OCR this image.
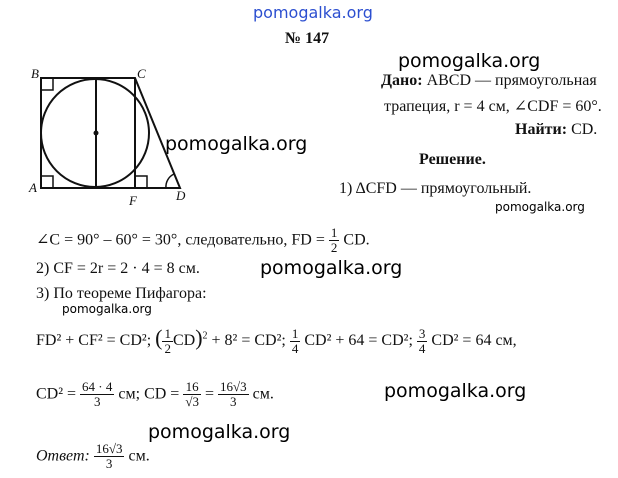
pomogalka.org
pomogalka.org
pomogalka.org
pomogalka.org
pomogalka.org
pomogalka.org
pomogalka.org
pomogalka.org
№ 147
B	C
A
F	D
Дано: ABCD — прямоугольная
трапеция, r = 4 см, ∠CDF = 60°.
Найти: CD.
Решение.
1) ΔCFD — прямоугольный.
∠C = 90° – 60° = 30°, следовательно, FD = $\frac{1}{2}$ CD.
2) CF = 2r = 2 · 4 = 8 см.
3) По теореме Пифагора:
FD² + CF² = CD²; ( $\frac{1}{2} CD)^2 + 8^2 = CD^2$; $\frac{1}{4} CD^2 + 64 = CD^2$; $\frac{3}{4} CD^2 = 64$ см,
$CD^2 = \frac{64 \cdot 4}{3}$ см; CD = $\frac{16}{√3} = \frac{16√3}{3}$ см.
Ответ: $\frac{16√3}{3}$ см.
